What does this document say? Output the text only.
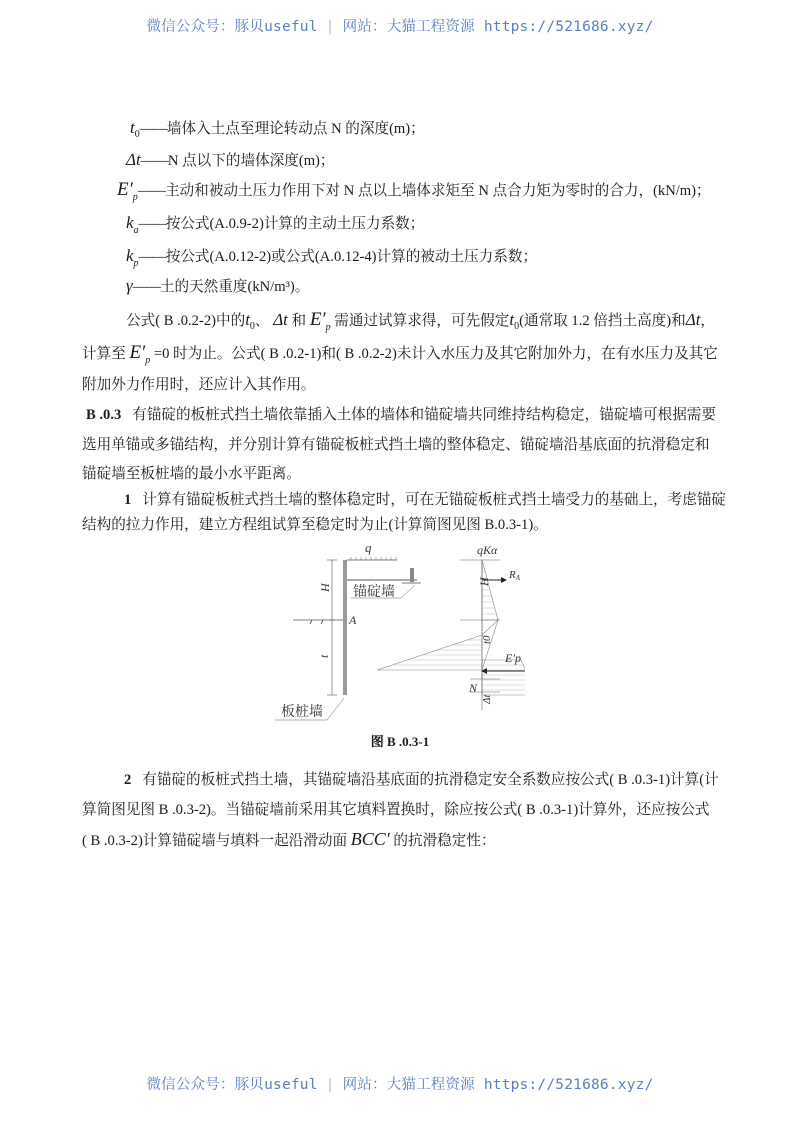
微信公众号：豚贝useful | 网站：大猫工程资源 https://521686.xyz/
$t_0——$墙体入土点至理论转动点 N 的深度(m)；
Δt——N 点以下的墙体深度(m)；
$E'_p——$主动和被动土压力作用下对 N 点以上墙体求矩至 N 点合力矩为零时的合力，(kN/m)；
$k_a——$按公式(A.0.9-2)计算的主动土压力系数；
$k_p——$按公式(A.0.12-2)或公式(A.0.12-4)计算的被动土压力系数；
γ——土的天然重度(kN/m³)。
公式( B .0.2-2)中的$t_0$、 Δt 和 $E'_p$ 需通过试算求得，可先假定$t_0$(通常取 1.2 倍挡土高度)和Δt，
计算至 $E'_p =0$ 时为止。公式( B .0.2-1)和( B .0.2-2)未计入水压力及其它附加外力，在有水压力及其它
附加外力作用时，还应计入其作用。
B .0.3 有锚碇的板桩式挡土墙依靠插入土体的墙体和锚碇墙共同维持结构稳定，锚碇墙可根据需要
选用单锚或多锚结构，并分别计算有锚碇板桩式挡土墙的整体稳定、锚碇墙沿基底面的抗滑稳定和
锚碇墙至板桩墙的最小水平距离。
1 计算有锚碇板桩式挡土墙的整体稳定时，可在无锚碇板桩式挡土墙受力的基础上，考虑锚碇
结构的拉力作用，建立方程组试算至稳定时为止(计算简图见图 B.0.3-1)。
q
锚碇墙
A
H
t
板桩墙
RA
qKα
E′p
N
H
t0
Δt
图 B .0.3-1
2 有锚碇的板桩式挡土墙，其锚碇墙沿基底面的抗滑稳定安全系数应按公式( B .0.3-1)计算(计
算简图见图 B .0.3-2)。当锚碇墙前采用其它填料置换时，除应按公式( B .0.3-1)计算外，还应按公式
( B .0.3-2)计算锚碇墙与填料一起沿滑动面 BCC′ 的抗滑稳定性：
微信公众号：豚贝useful | 网站：大猫工程资源 https://521686.xyz/
